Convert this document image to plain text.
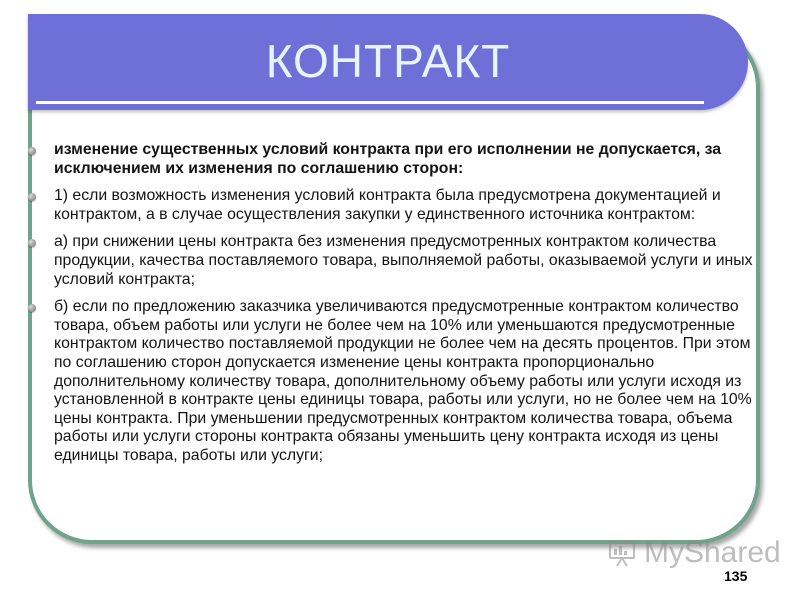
КОНТРАКТ
изменение существенных условий контракта при его исполнении не допускается, за исключением их изменения по соглашению сторон:
1) если возможность изменения условий контракта была предусмотрена документацией и контрактом, а в случае осуществления закупки у единственного источника контрактом:
а) при снижении цены контракта без изменения предусмотренных контрактом количества продукции, качества поставляемого товара, выполняемой работы, оказываемой услуги и иных условий контракта;
б) если по предложению заказчика увеличиваются предусмотренные контрактом количество товара, объем работы или услуги не более чем на 10% или уменьшаются предусмотренные контрактом количество поставляемой продукции не более чем на десять процентов. При этом по соглашению сторон допускается изменение цены контракта пропорционально дополнительному количеству товара, дополнительному объему работы или услуги исходя из установленной в контракте цены единицы товара, работы или услуги, но не более чем на 10% цены контракта. При уменьшении предусмотренных контрактом количества товара, объема работы или услуги стороны контракта обязаны уменьшить цену контракта исходя из цены единицы товара, работы или услуги;
MyShared
135
